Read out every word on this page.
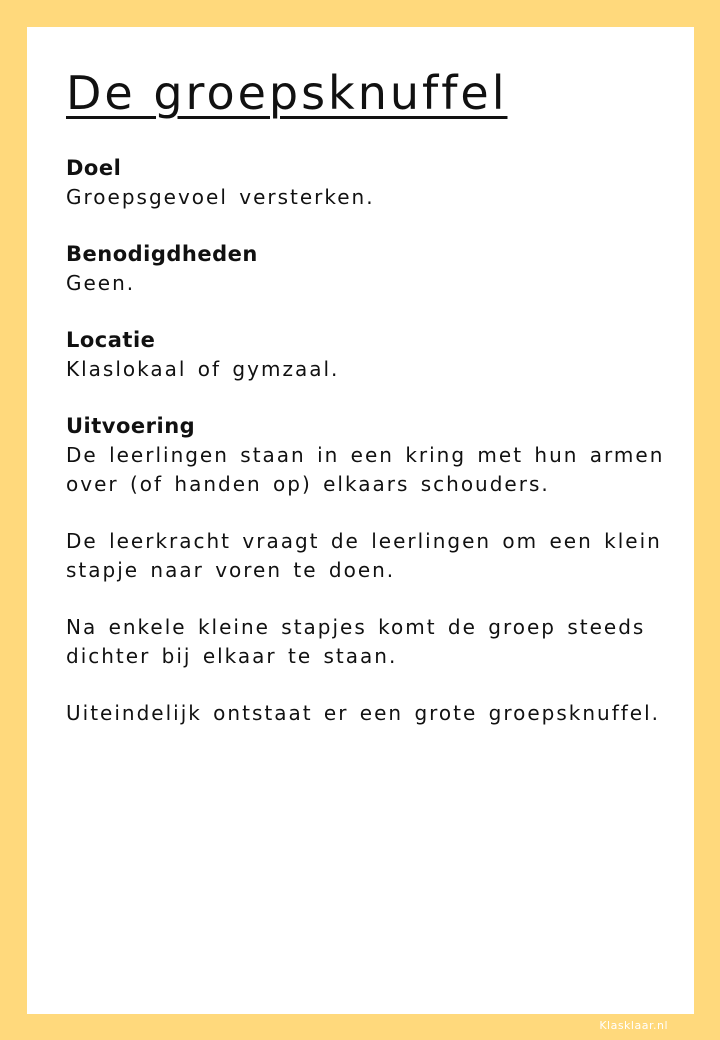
De groepsknuffel
Doel
Groepsgevoel versterken.
Benodigdheden
Geen.
Locatie
Klaslokaal of gymzaal.
Uitvoering
De leerlingen staan in een kring met hun armen
over (of handen op) elkaars schouders.
De leerkracht vraagt de leerlingen om een klein
stapje naar voren te doen.
Na enkele kleine stapjes komt de groep steeds
dichter bij elkaar te staan.
Uiteindelijk ontstaat er een grote groepsknuffel.
Klasklaar.nl
